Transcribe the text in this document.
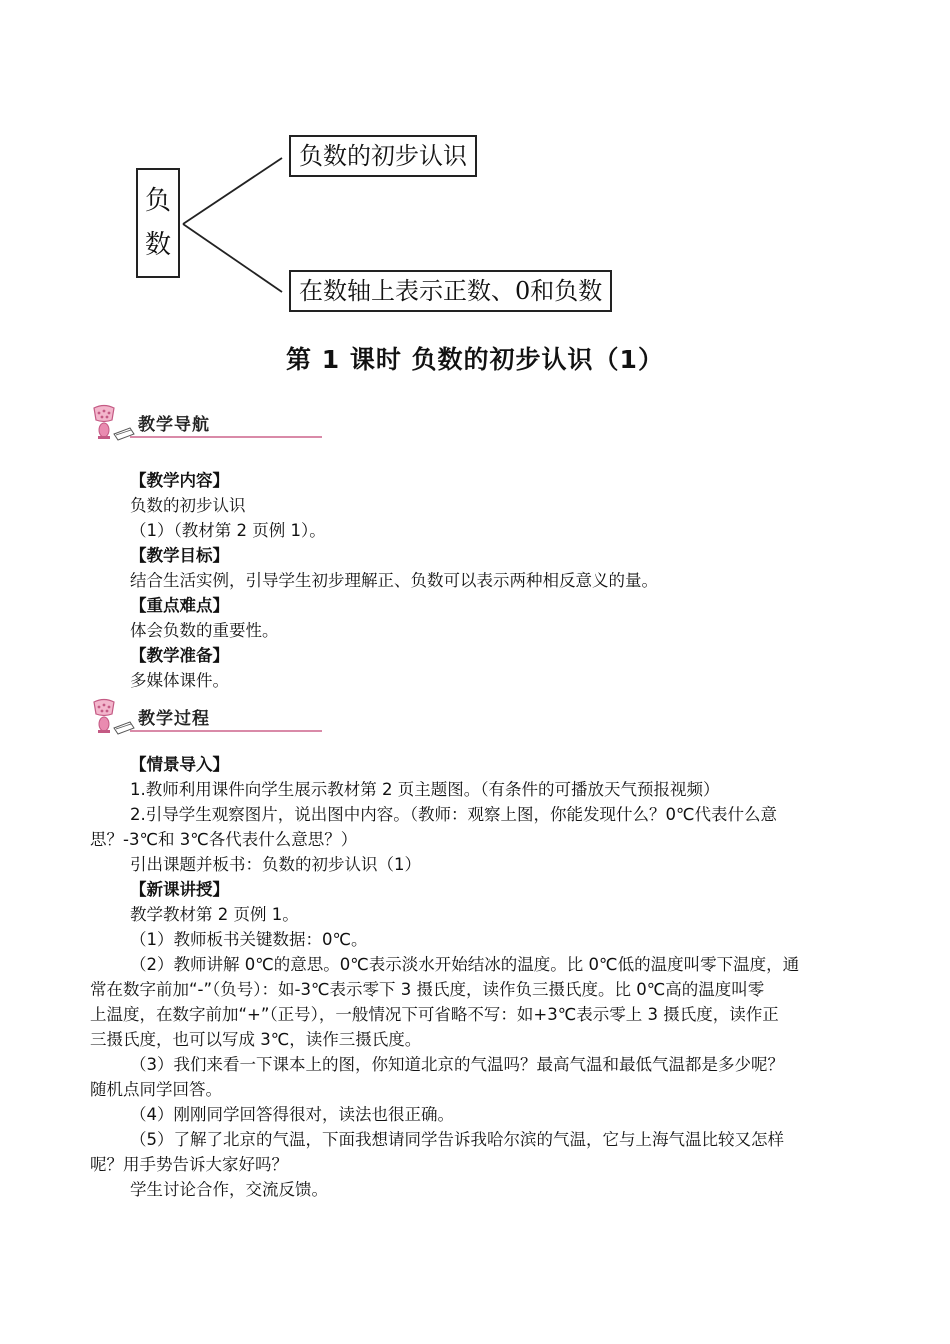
负
数
负数的初步认识
在数轴上表示正数、0和负数
第 1 课时 负数的初步认识（1）
教学导航
【教学内容】
负数的初步认识
（1）（教材第 2 页例 1）。
【教学目标】
结合生活实例，引导学生初步理解正、负数可以表示两种相反意义的量。
【重点难点】
体会负数的重要性。
【教学准备】
多媒体课件。
教学过程
【情景导入】
1.教师利用课件向学生展示教材第 2 页主题图。（有条件的可播放天气预报视频）
2.引导学生观察图片，说出图中内容。（教师：观察上图，你能发现什么？0℃代表什么意
思？-3℃和 3℃各代表什么意思？）
引出课题并板书：负数的初步认识（1）
【新课讲授】
教学教材第 2 页例 1。
（1）教师板书关键数据：0℃。
（2）教师讲解 0℃的意思。0℃表示淡水开始结冰的温度。比 0℃低的温度叫零下温度，通
常在数字前加“-”（负号）：如-3℃表示零下 3 摄氏度，读作负三摄氏度。比 0℃高的温度叫零
上温度，在数字前加“+”（正号），一般情况下可省略不写：如+3℃表示零上 3 摄氏度，读作正
三摄氏度，也可以写成 3℃，读作三摄氏度。
（3）我们来看一下课本上的图，你知道北京的气温吗？最高气温和最低气温都是多少呢？
随机点同学回答。
（4）刚刚同学回答得很对，读法也很正确。
（5）了解了北京的气温，下面我想请同学告诉我哈尔滨的气温，它与上海气温比较又怎样
呢？用手势告诉大家好吗？
学生讨论合作，交流反馈。
